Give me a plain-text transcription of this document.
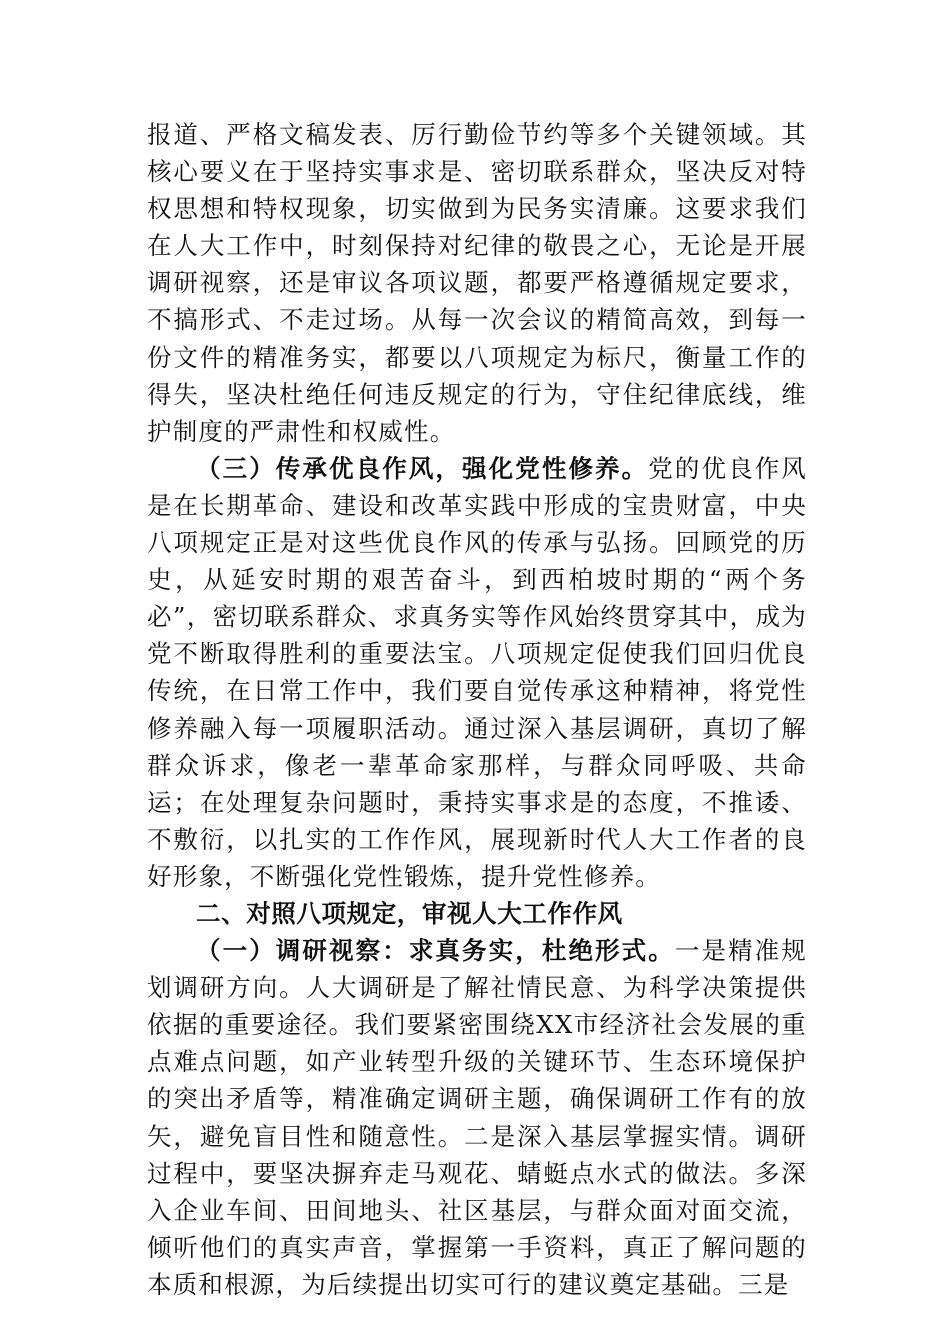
报道、严格文稿发表、厉行勤俭节约等多个关键领域。其核心要义在于坚持实事求是、密切联系群众，坚决反对特权思想和特权现象，切实做到为民务实清廉。这要求我们在人大工作中，时刻保持对纪律的敬畏之心，无论是开展调研视察，还是审议各项议题，都要严格遵循规定要求，不搞形式、不走过场。从每一次会议的精简高效，到每一份文件的精准务实，都要以八项规定为标尺，衡量工作的得失，坚决杜绝任何违反规定的行为，守住纪律底线，维护制度的严肃性和权威性。

（三）传承优良作风，强化党性修养。党的优良作风是在长期革命、建设和改革实践中形成的宝贵财富，中央八项规定正是对这些优良作风的传承与弘扬。回顾党的历史，从延安时期的艰苦奋斗，到西柏坡时期的“两个务必”，密切联系群众、求真务实等作风始终贯穿其中，成为党不断取得胜利的重要法宝。八项规定促使我们回归优良传统，在日常工作中，我们要自觉传承这种精神，将党性修养融入每一项履职活动。通过深入基层调研，真切了解群众诉求，像老一辈革命家那样，与群众同呼吸、共命运；在处理复杂问题时，秉持实事求是的态度，不推诿、不敷衍，以扎实的工作作风，展现新时代人大工作者的良好形象，不断强化党性锻炼，提升党性修养。

二、对照八项规定，审视人大工作作风

（一）调研视察：求真务实，杜绝形式。一是精准规划调研方向。人大调研是了解社情民意、为科学决策提供依据的重要途径。我们要紧密围绕XX市经济社会发展的重点难点问题，如产业转型升级的关键环节、生态环境保护的突出矛盾等，精准确定调研主题，确保调研工作有的放矢，避免盲目性和随意性。二是深入基层掌握实情。调研过程中，要坚决摒弃走马观花、蜻蜓点水式的做法。多深入企业车间、田间地头、社区基层，与群众面对面交流，倾听他们的真实声音，掌握第一手资料，真正了解问题的本质和根源，为后续提出切实可行的建议奠定基础。三是
